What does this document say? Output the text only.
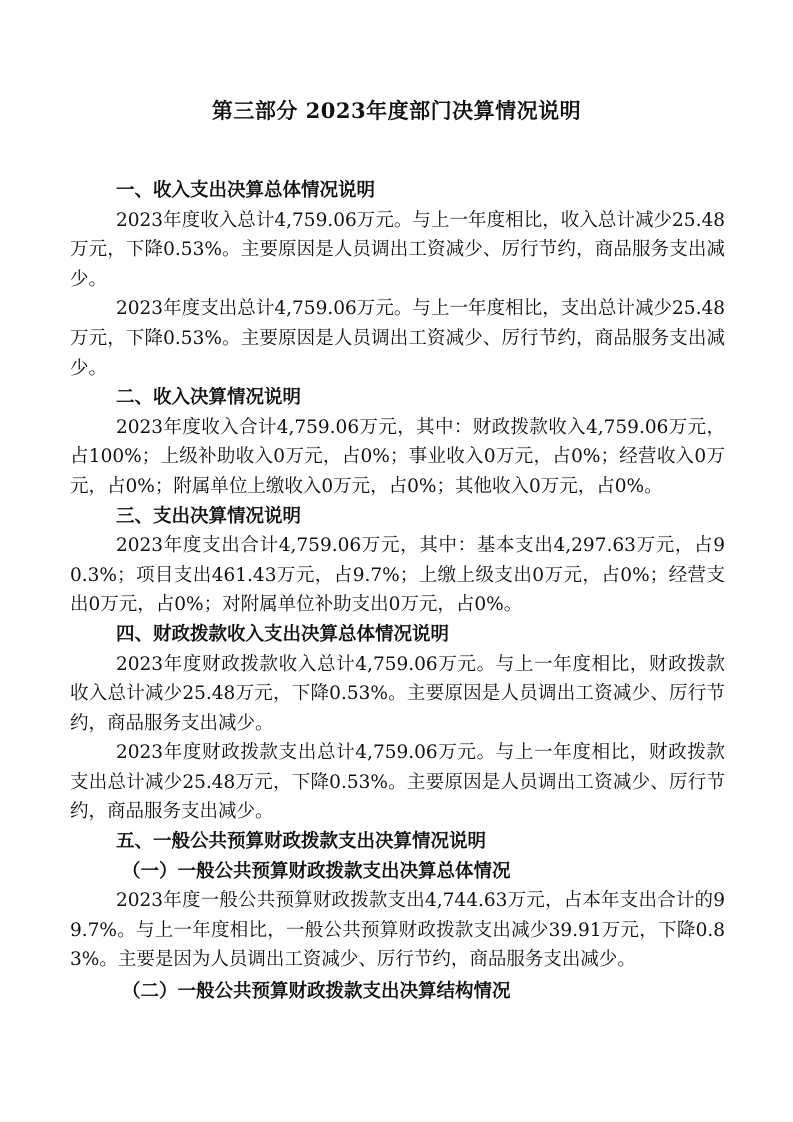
第三部分 2023年度部门决算情况说明

一、收入支出决算总体情况说明

2023年度收入总计4,759.06万元。与上一年度相比，收入总计减少25.48万元，下降0.53%。主要原因是人员调出工资减少、厉行节约，商品服务支出减少。

2023年度支出总计4,759.06万元。与上一年度相比，支出总计减少25.48万元，下降0.53%。主要原因是人员调出工资减少、厉行节约，商品服务支出减少。

二、收入决算情况说明

2023年度收入合计4,759.06万元，其中：财政拨款收入4,759.06万元，占100%；上级补助收入0万元，占0%；事业收入0万元，占0%；经营收入0万元，占0%；附属单位上缴收入0万元，占0%；其他收入0万元，占0%。

三、支出决算情况说明

2023年度支出合计4,759.06万元，其中：基本支出4,297.63万元，占90.3%；项目支出461.43万元，占9.7%；上缴上级支出0万元，占0%；经营支出0万元，占0%；对附属单位补助支出0万元，占0%。

四、财政拨款收入支出决算总体情况说明

2023年度财政拨款收入总计4,759.06万元。与上一年度相比，财政拨款收入总计减少25.48万元，下降0.53%。主要原因是人员调出工资减少、厉行节约，商品服务支出减少。

2023年度财政拨款支出总计4,759.06万元。与上一年度相比，财政拨款支出总计减少25.48万元，下降0.53%。主要原因是人员调出工资减少、厉行节约，商品服务支出减少。

五、一般公共预算财政拨款支出决算情况说明

（一）一般公共预算财政拨款支出决算总体情况

2023年度一般公共预算财政拨款支出4,744.63万元，占本年支出合计的99.7%。与上一年度相比，一般公共预算财政拨款支出减少39.91万元，下降0.83%。主要是因为人员调出工资减少、厉行节约，商品服务支出减少。

（二）一般公共预算财政拨款支出决算结构情况
